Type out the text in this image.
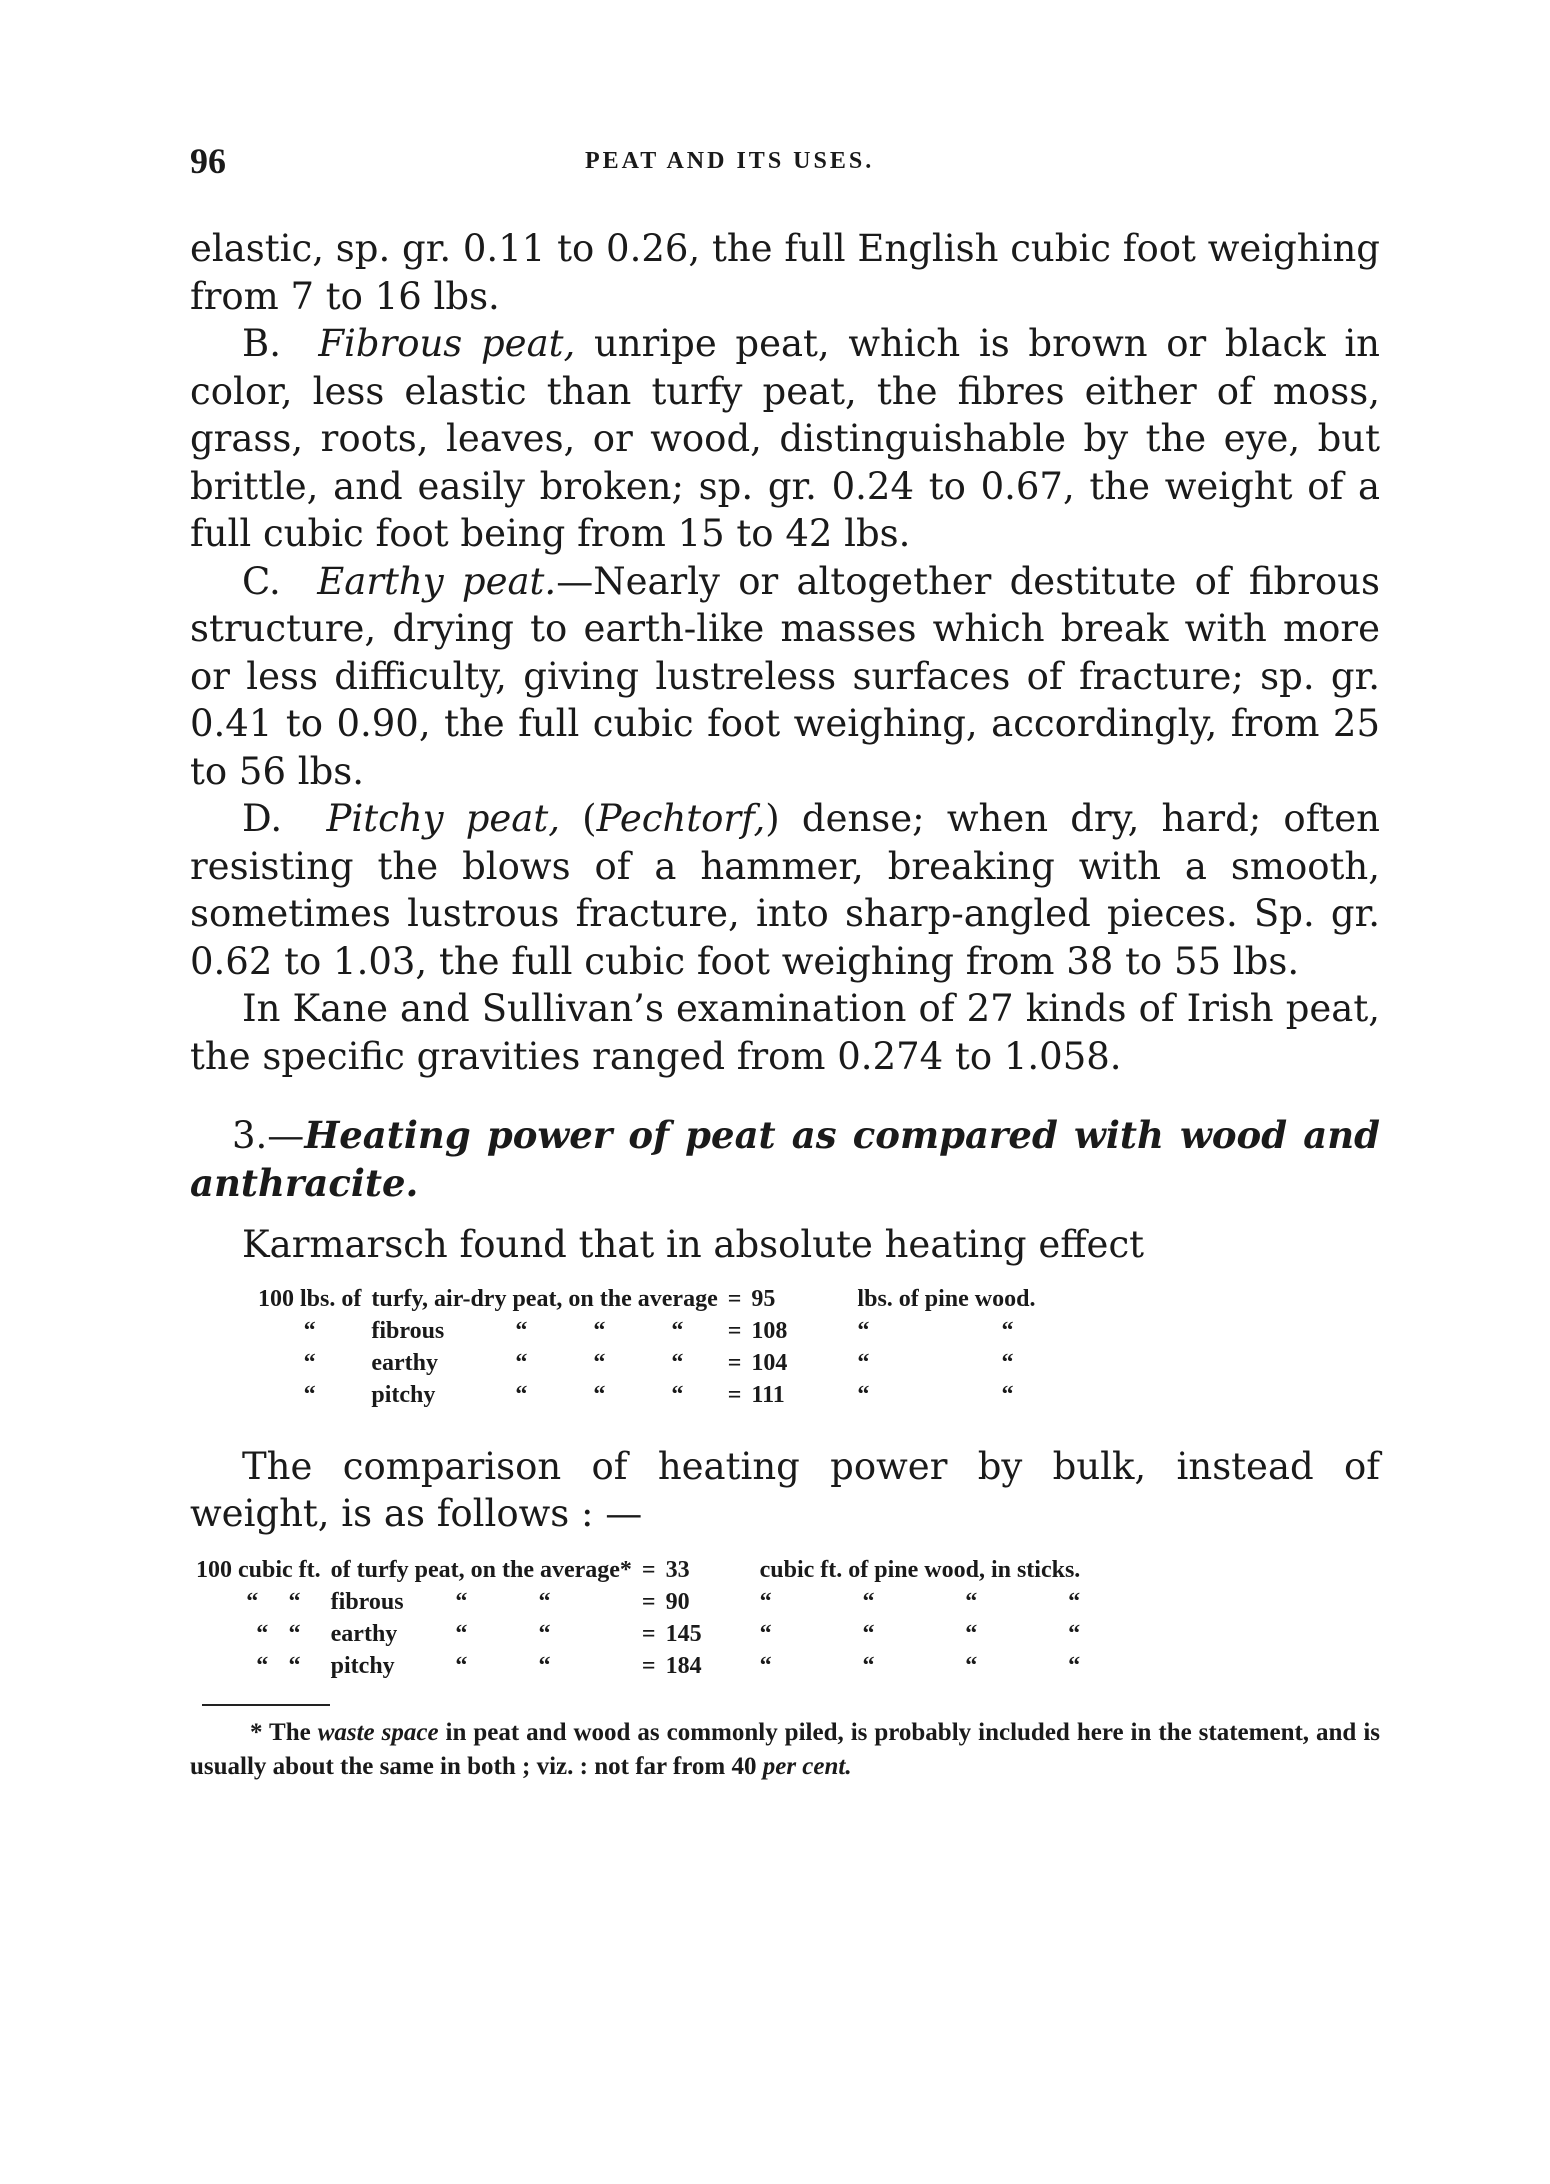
96	PEAT AND ITS USES.

elastic, sp. gr. 0.11 to 0.26, the full English cubic foot weighing from 7 to 16 lbs.

B. Fibrous peat, unripe peat, which is brown or black in color, less elastic than turfy peat, the fibres either of moss, grass, roots, leaves, or wood, distinguishable by the eye, but brittle, and easily broken; sp. gr. 0.24 to 0.67, the weight of a full cubic foot being from 15 to 42 lbs.

C. Earthy peat.—Nearly or altogether destitute of fibrous structure, drying to earth-like masses which break with more or less difficulty, giving lustreless surfaces of fracture; sp. gr. 0.41 to 0.90, the full cubic foot weighing, accordingly, from 25 to 56 lbs.

D. Pitchy peat, (Pechtorf,) dense; when dry, hard; often resisting the blows of a hammer, breaking with a smooth, sometimes lustrous fracture, into sharp-angled pieces. Sp. gr. 0.62 to 1.03, the full cubic foot weighing from 38 to 55 lbs.

In Kane and Sullivan’s examination of 27 kinds of Irish peat, the specific gravities ranged from 0.274 to 1.058.

3.—Heating power of peat as compared with wood and anthracite.

Karmarsch found that in absolute heating effect

100 lbs. of	turfy, air-dry peat, on the average				=	95	lbs. of pine wood.	
“	fibrous	“	“	“	=	108	“	“
“	earthy	“	“	“	=	104	“	“
“	pitchy	“	“	“	=	111	“	“

The comparison of heating power by bulk, instead of weight, is as follows : —

100 cubic ft.		of turfy peat, on the average*			=	33	cubic ft. of pine wood, in sticks.			
“	“	fibrous	“	“	=	90	“	“	“	“
“	“	earthy	“	“	=	145	“	“	“	“
“	“	pitchy	“	“	=	184	“	“	“	“

* The waste space in peat and wood as commonly piled, is probably included here in the statement, and is usually about the same in both ; viz. : not far from 40 per cent.
